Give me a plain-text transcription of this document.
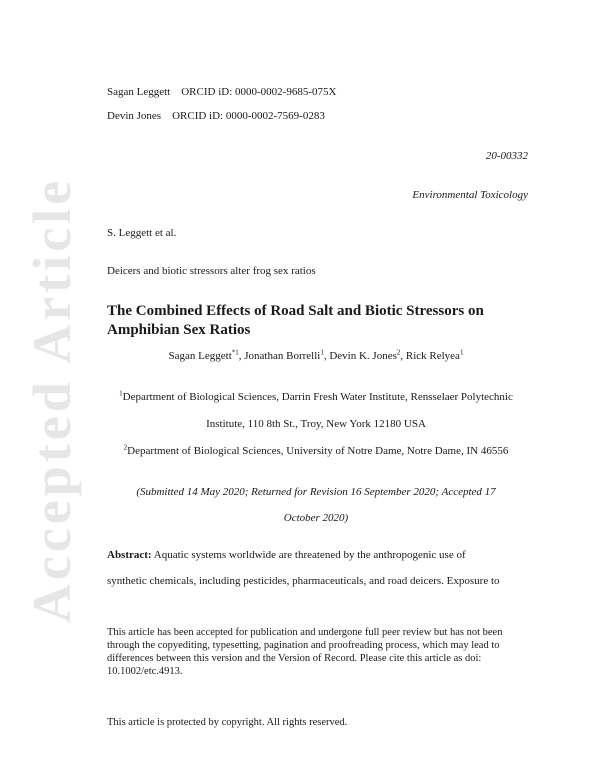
Accepted Article
Sagan Leggett ORCID iD: 0000-0002-9685-075X
Devin Jones ORCID iD: 0000-0002-7569-0283
20-00332
Environmental Toxicology
S. Leggett et al.
Deicers and biotic stressors alter frog sex ratios
The Combined Effects of Road Salt and Biotic Stressors on
Amphibian Sex Ratios
Sagan Leggett$^{*1}$, Jonathan Borrelli$^1$, Devin K. Jones$^2$, Rick Relyea$^1$
$^1$Department of Biological Sciences, Darrin Fresh Water Institute, Rensselaer Polytechnic
Institute, 110 8th St., Troy, New York 12180 USA
$^2$Department of Biological Sciences, University of Notre Dame, Notre Dame, IN 46556
(Submitted 14 May 2020; Returned for Revision 16 September 2020; Accepted 17
October 2020)
Abstract: Aquatic systems worldwide are threatened by the anthropogenic use of
synthetic chemicals, including pesticides, pharmaceuticals, and road deicers. Exposure to
This article has been accepted for publication and undergone full peer review but has not been through the copyediting, typesetting, pagination and proofreading process, which may lead to differences between this version and the Version of Record. Please cite this article as doi: 10.1002/etc.4913.
This article is protected by copyright. All rights reserved.
